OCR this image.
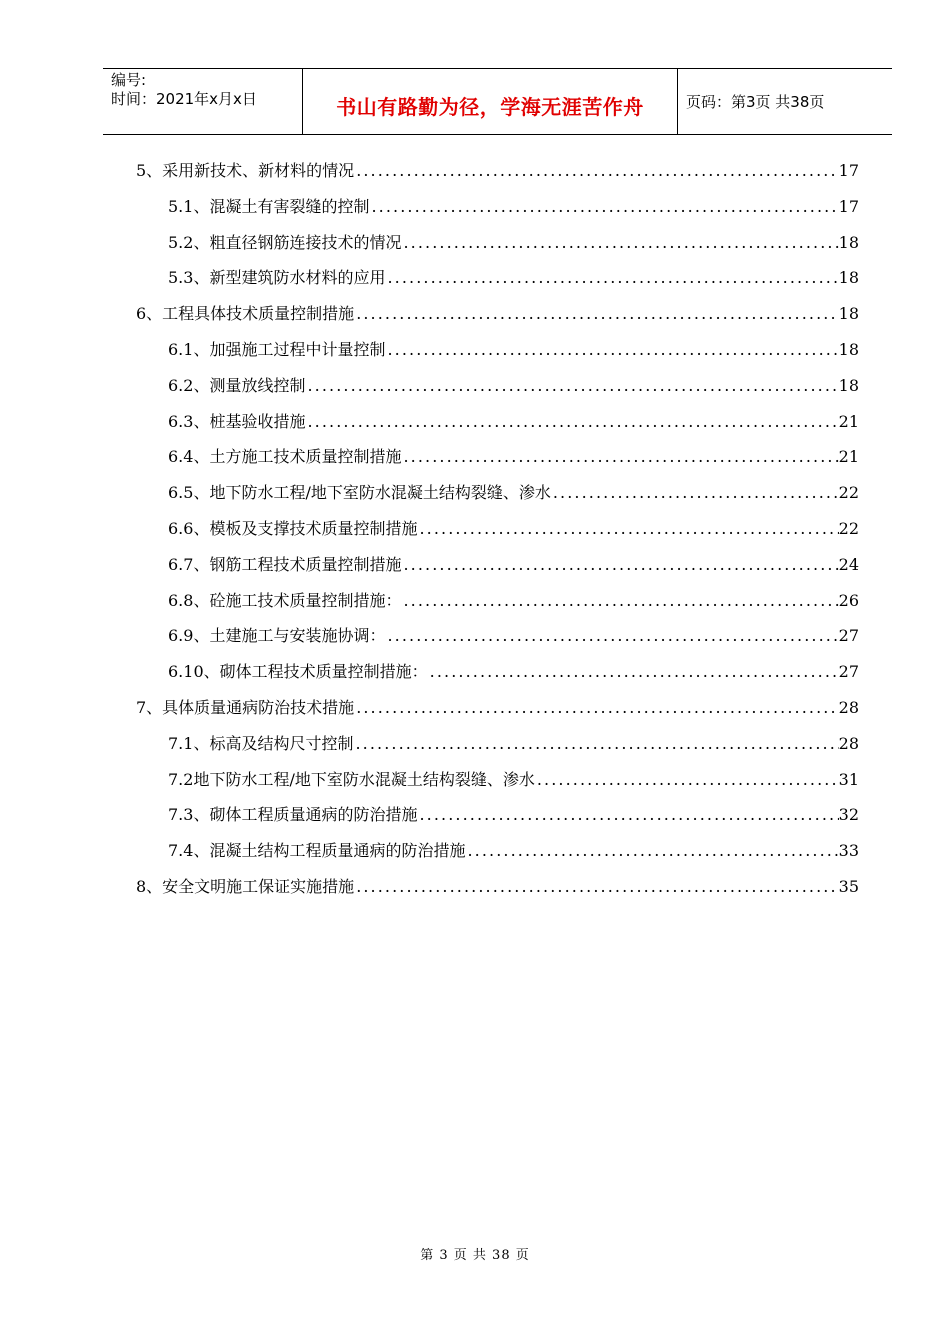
编号:
时间：2021年x月x日	书山有路勤为径，学海无涯苦作舟	页码：第3页 共38页
5、采用新技术、新材料的情况 .....	17
5.1、混凝土有害裂缝的控制 .....	17
5.2、粗直径钢筋连接技术的情况 .....	18
5.3、新型建筑防水材料的应用 .....	18
6、工程具体技术质量控制措施 .....	18
6.1、加强施工过程中计量控制 .....	18
6.2、测量放线控制 .....	18
6.3、桩基验收措施 .....	21
6.4、土方施工技术质量控制措施 .....	21
6.5、地下防水工程/地下室防水混凝土结构裂缝、渗水 .....	22
6.6、模板及支撑技术质量控制措施 .....	22
6.7、钢筋工程技术质量控制措施 .....	24
6.8、砼施工技术质量控制措施： .....	26
6.9、土建施工与安装施协调： .....	27
6.10、砌体工程技术质量控制措施： .....	27
7、具体质量通病防治技术措施 .....	28
7.1、标高及结构尺寸控制 .....	28
7.2地下防水工程/地下室防水混凝土结构裂缝、渗水 .....	31
7.3、砌体工程质量通病的防治措施 .....	32
7.4、混凝土结构工程质量通病的防治措施 .....	33
8、安全文明施工保证实施措施 .....	35
第 3 页 共 38 页
